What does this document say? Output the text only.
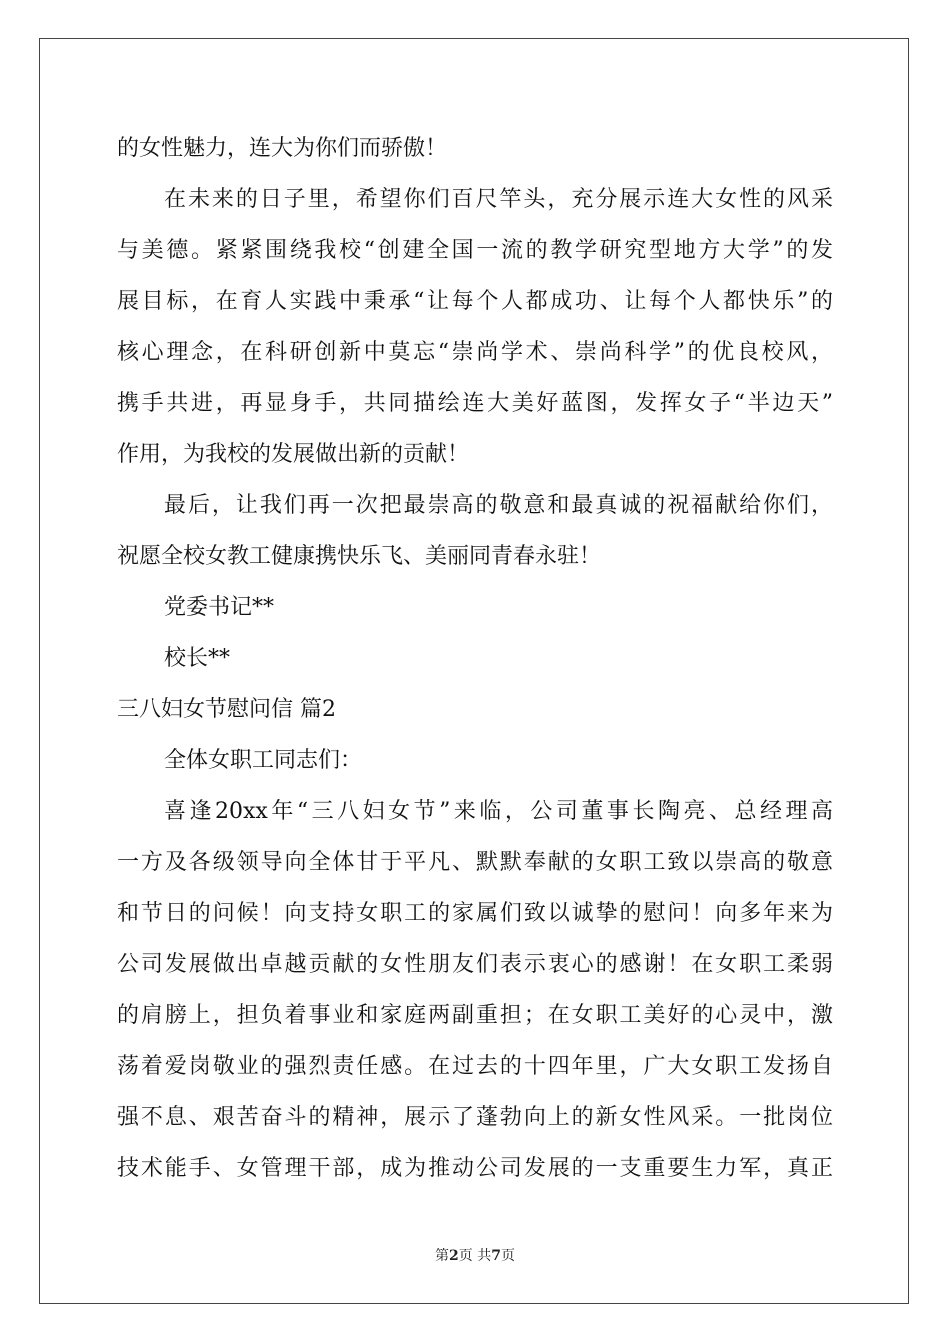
的女性魅力，连大为你们而骄傲！
在未来的日子里，希望你们百尺竿头，充分展示连大女性的风采
与美德。紧紧围绕我校“创建全国一流的教学研究型地方大学”的发
展目标，在育人实践中秉承“让每个人都成功、让每个人都快乐”的
核心理念，在科研创新中莫忘“崇尚学术、崇尚科学”的优良校风，
携手共进，再显身手，共同描绘连大美好蓝图，发挥女子“半边天”
作用，为我校的发展做出新的贡献！
最后，让我们再一次把最崇高的敬意和最真诚的祝福献给你们，
祝愿全校女教工健康携快乐飞、美丽同青春永驻！
党委书记**
校长**
三八妇女节慰问信 篇2
全体女职工同志们：
喜逢20xx年“三八妇女节”来临，公司董事长陶亮、总经理高
一方及各级领导向全体甘于平凡、默默奉献的女职工致以崇高的敬意
和节日的问候！向支持女职工的家属们致以诚挚的慰问！向多年来为
公司发展做出卓越贡献的女性朋友们表示衷心的感谢！在女职工柔弱
的肩膀上，担负着事业和家庭两副重担；在女职工美好的心灵中，激
荡着爱岗敬业的强烈责任感。在过去的十四年里，广大女职工发扬自
强不息、艰苦奋斗的精神，展示了蓬勃向上的新女性风采。一批岗位
技术能手、女管理干部，成为推动公司发展的一支重要生力军，真正
第2页 共7页
